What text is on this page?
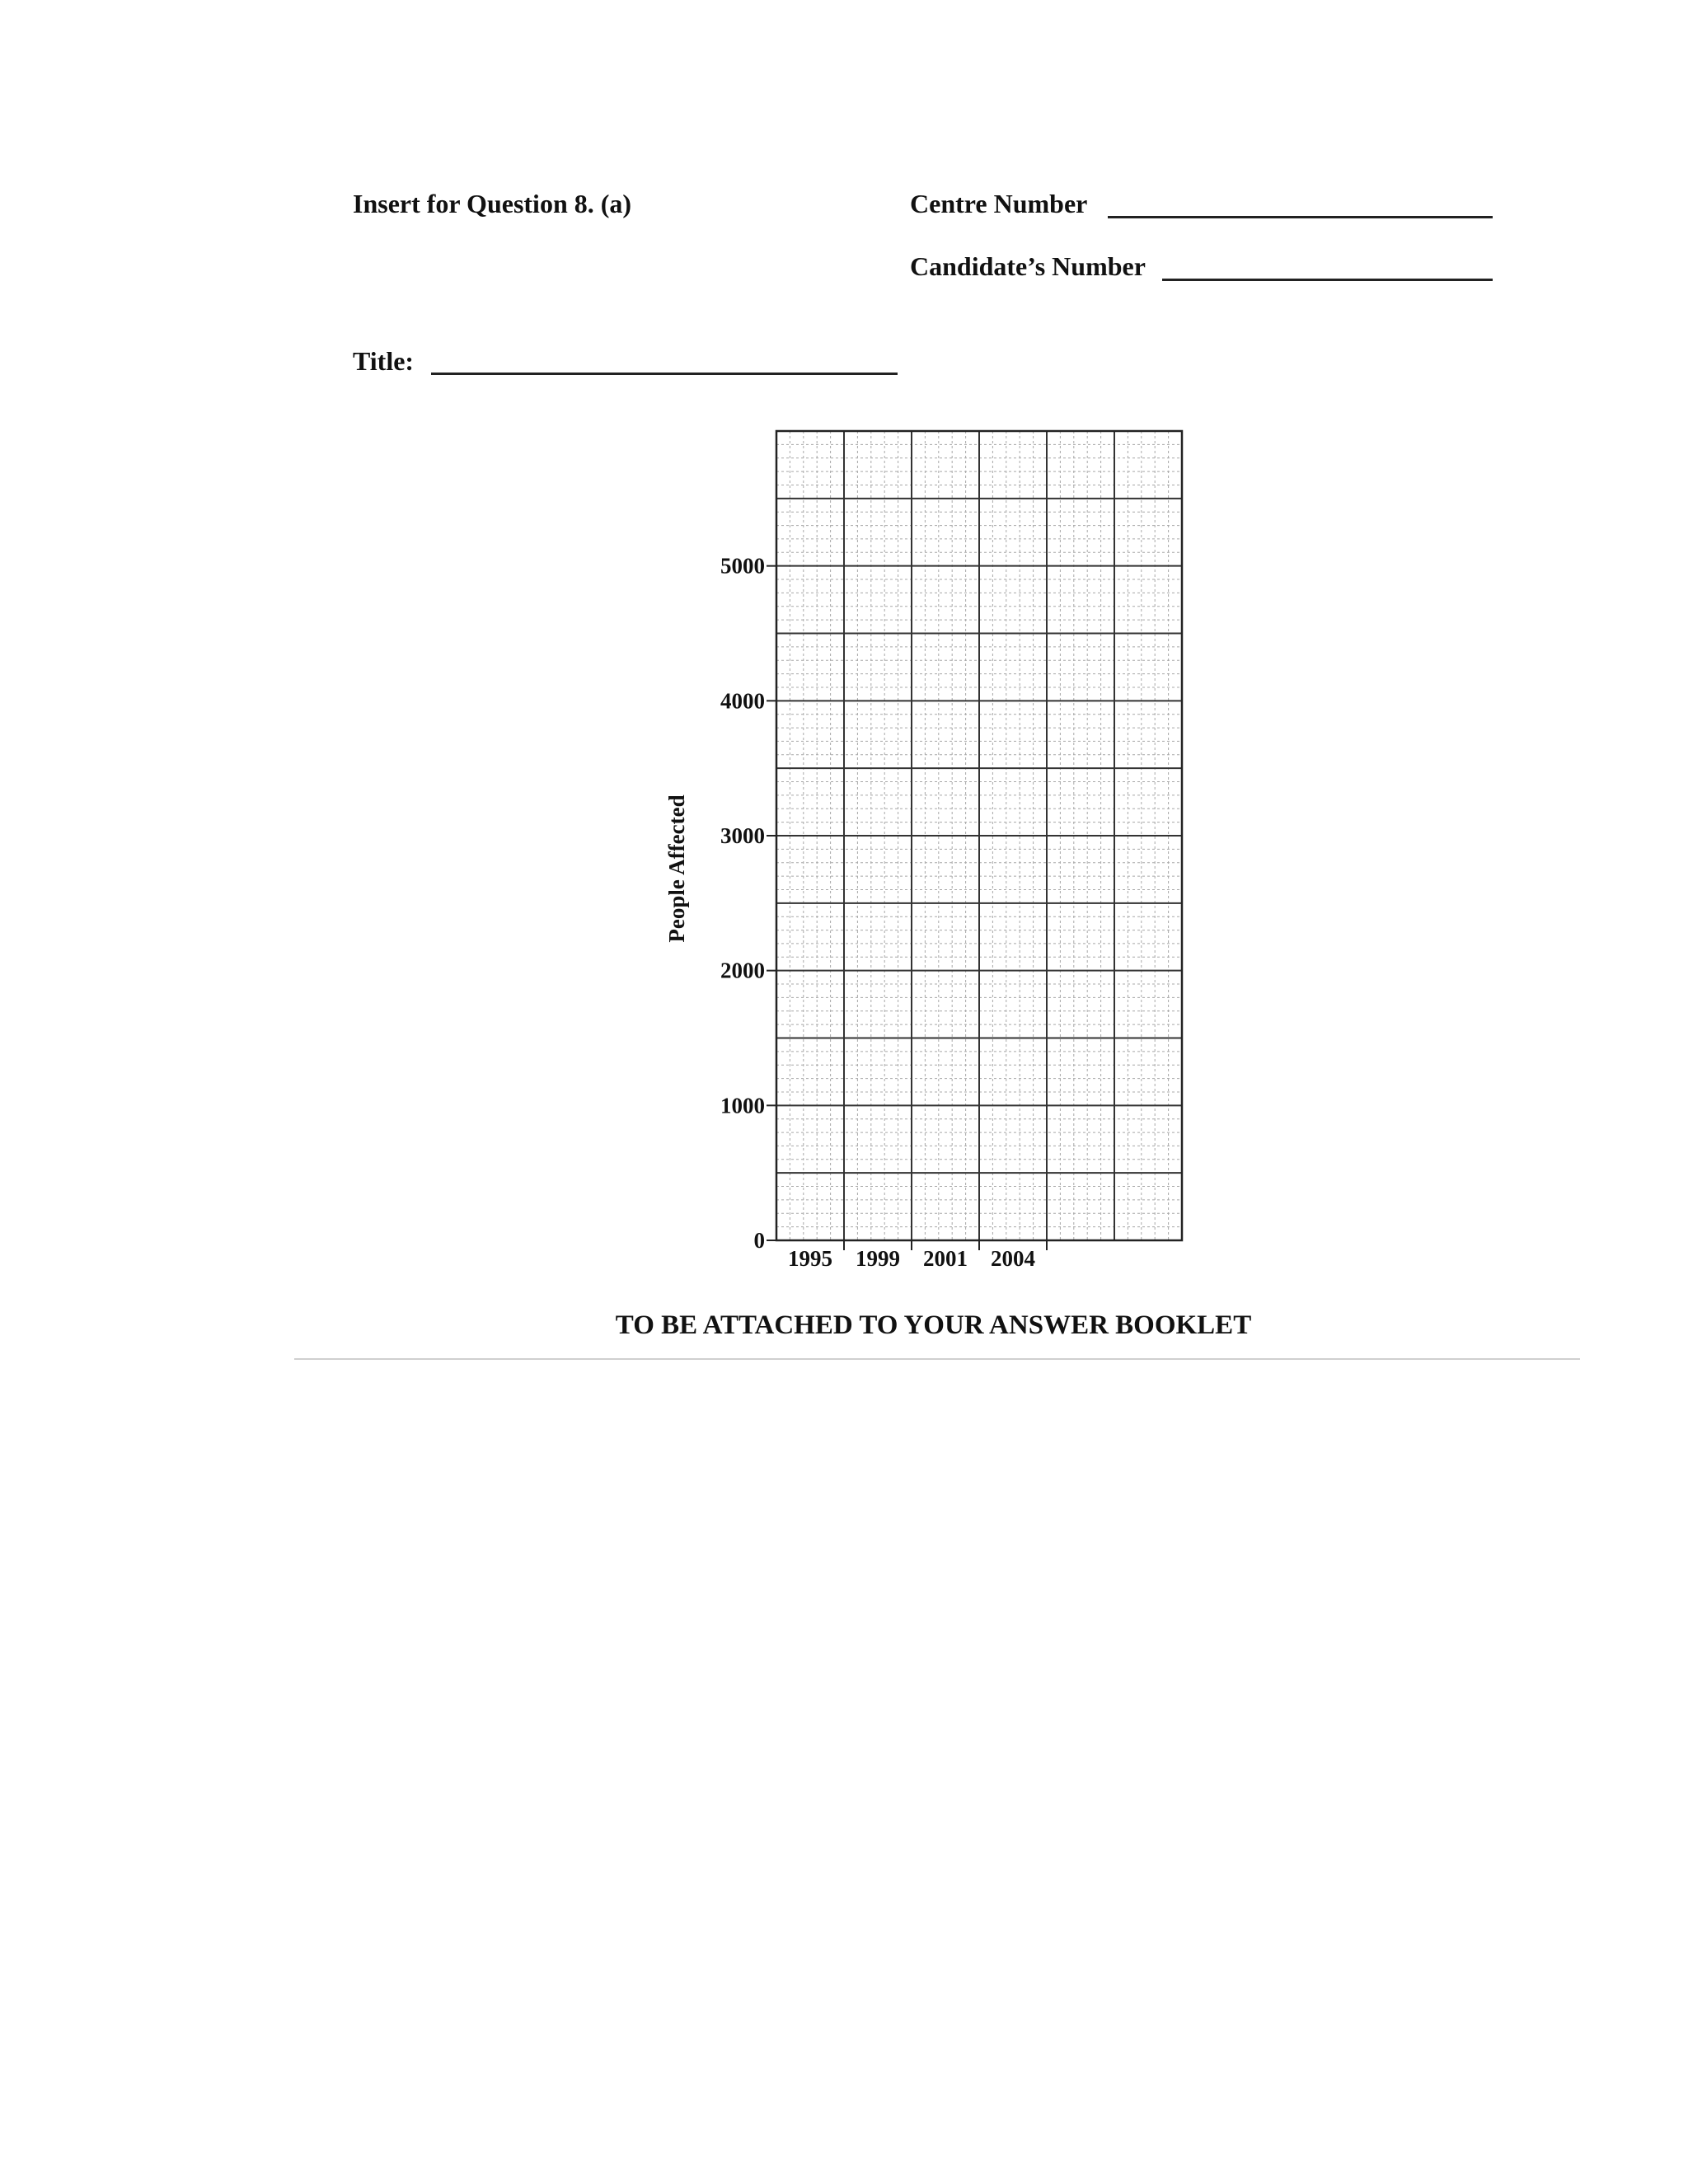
Insert for Question 8. (a)	Centre Number
Candidate’s Number
Title:
0
1000
2000
3000
4000
5000
1995 1999 2001 2004
People Affected
TO BE ATTACHED TO YOUR ANSWER BOOKLET
